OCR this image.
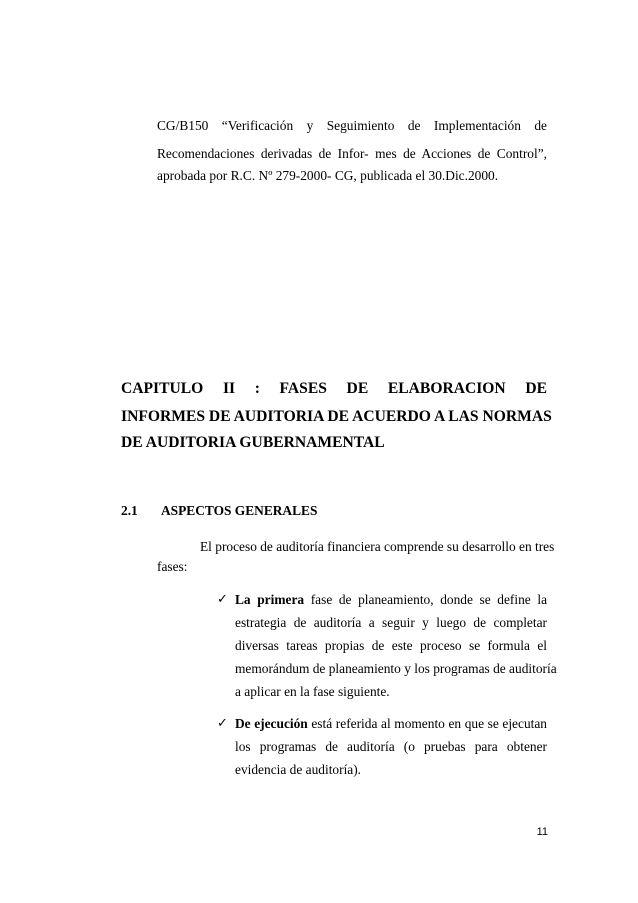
CG/B150 “Verificación y Seguimiento de Implementación de
Recomendaciones derivadas de Infor- mes de Acciones de Control”,
aprobada por R.C. Nº 279-2000- CG, publicada el 30.Dic.2000.
CAPITULO II : FASES DE ELABORACION DE
INFORMES DE AUDITORIA DE ACUERDO A LAS NORMAS
DE AUDITORIA GUBERNAMENTAL
2.1 ASPECTOS GENERALES
El proceso de auditoría financiera comprende su desarrollo en tres
fases:
✓ La primera fase de planeamiento, donde se define la
estrategia de auditoría a seguir y luego de completar
diversas tareas propias de este proceso se formula el
memorándum de planeamiento y los programas de auditoría
a aplicar en la fase siguiente.
✓ De ejecución está referida al momento en que se ejecutan
los programas de auditoría (o pruebas para obtener
evidencia de auditoría).
11
